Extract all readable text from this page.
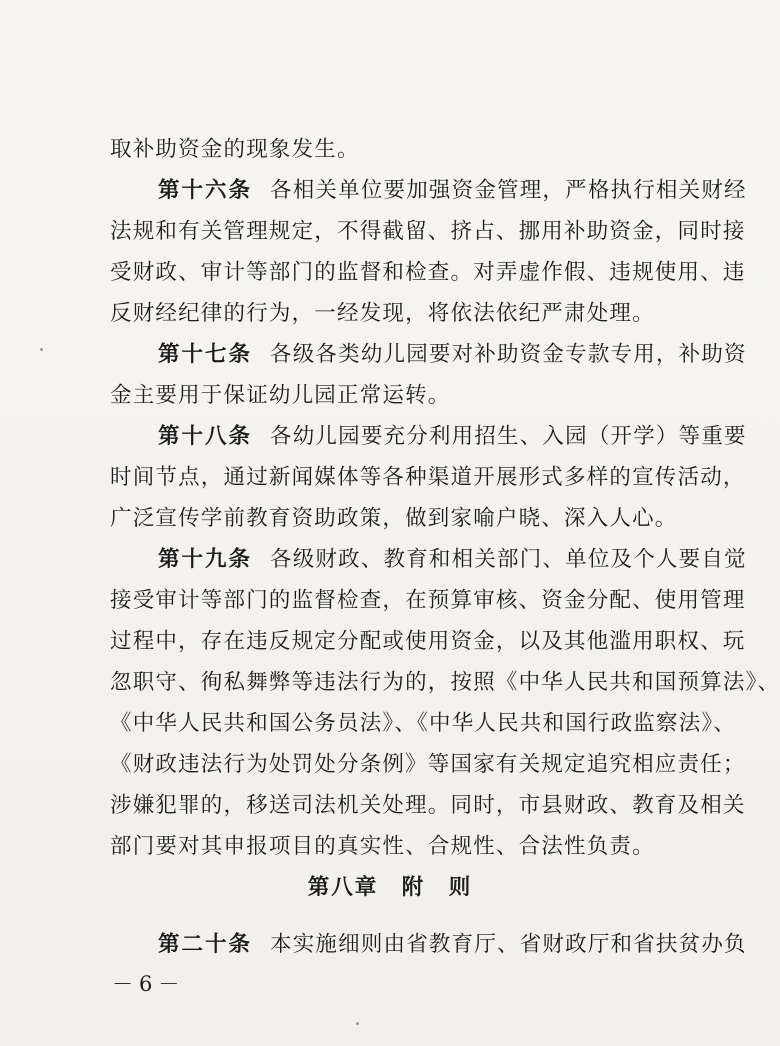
取补助资金的现象发生。
第十六条 各相关单位要加强资金管理，严格执行相关财经
法规和有关管理规定，不得截留、挤占、挪用补助资金，同时接
受财政、审计等部门的监督和检查。对弄虚作假、违规使用、违
反财经纪律的行为，一经发现，将依法依纪严肃处理。
第十七条 各级各类幼儿园要对补助资金专款专用，补助资
金主要用于保证幼儿园正常运转。
第十八条 各幼儿园要充分利用招生、入园（开学）等重要
时间节点，通过新闻媒体等各种渠道开展形式多样的宣传活动，
广泛宣传学前教育资助政策，做到家喻户晓、深入人心。
第十九条 各级财政、教育和相关部门、单位及个人要自觉
接受审计等部门的监督检查，在预算审核、资金分配、使用管理
过程中，存在违反规定分配或使用资金，以及其他滥用职权、玩
忽职守、徇私舞弊等违法行为的，按照《中华人民共和国预算法》、
《中华人民共和国公务员法》、《中华人民共和国行政监察法》、
《财政违法行为处罚处分条例》等国家有关规定追究相应责任；
涉嫌犯罪的，移送司法机关处理。同时，市县财政、教育及相关
部门要对其申报项目的真实性、合规性、合法性负责。
第八章　附　则
第二十条 本实施细则由省教育厅、省财政厅和省扶贫办负
－6－
